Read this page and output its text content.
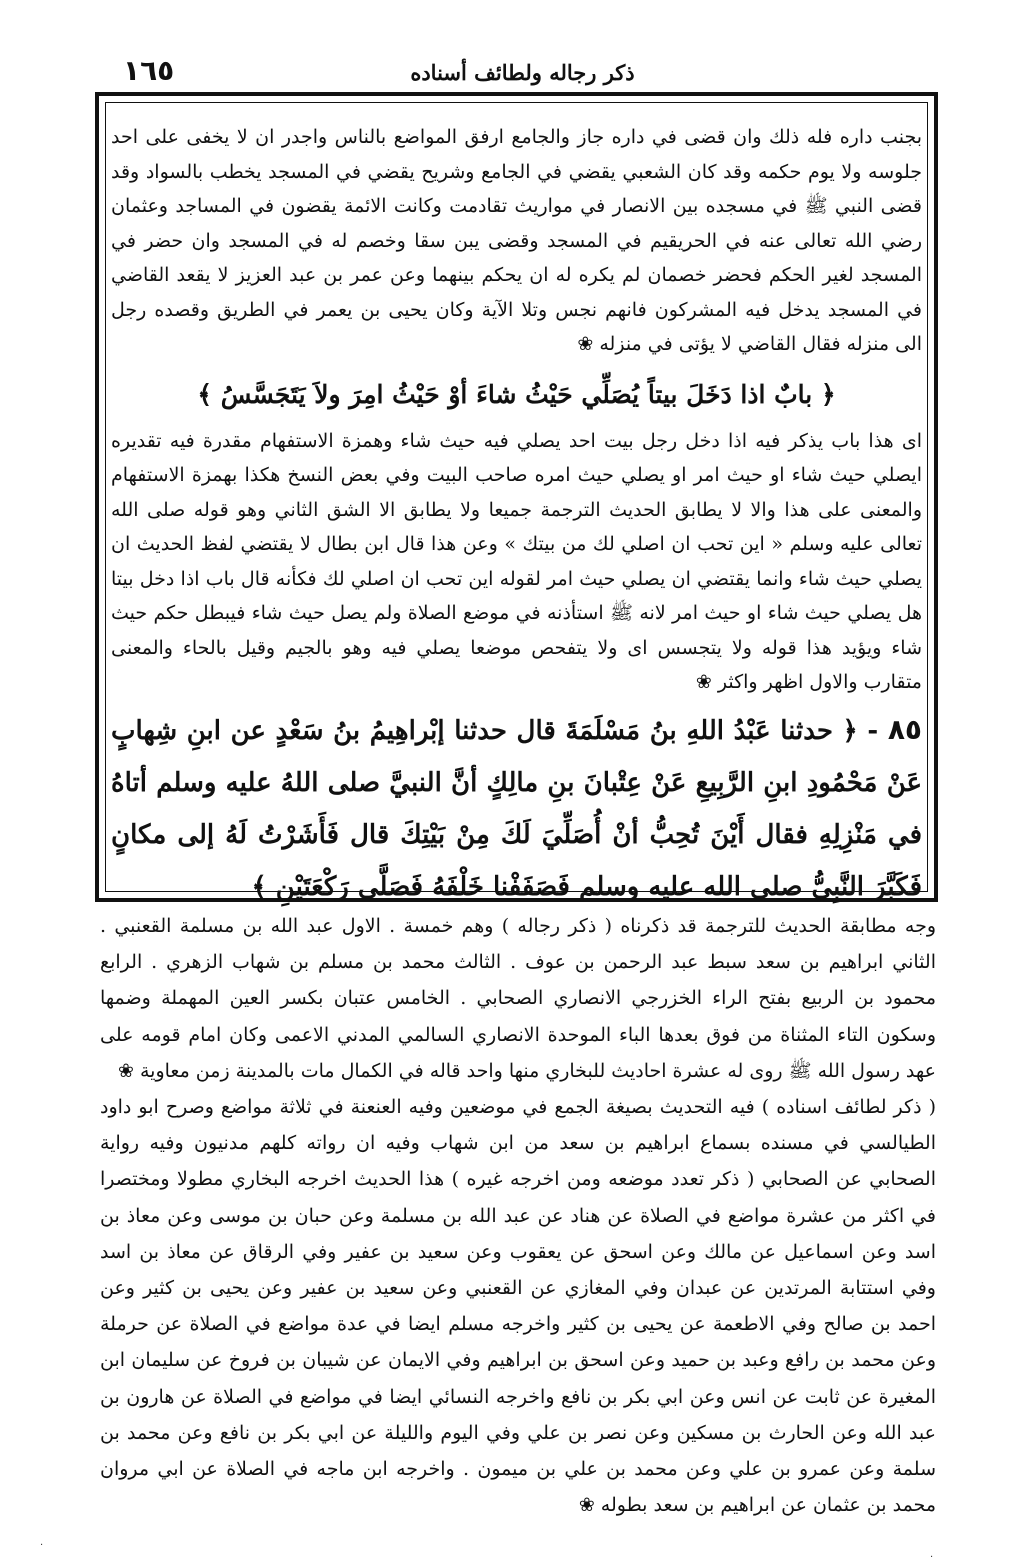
١٦٥	ذكر رجاله ولطائف أسناده

بجنب داره فله ذلك وان قضى في داره جاز والجامع ارفق المواضع بالناس واجدر ان لا يخفى على احد جلوسه ولا يوم حكمه وقد كان الشعبي يقضي في الجامع وشريح يقضي في المسجد يخطب بالسواد وقد قضى النبي ﷺ في مسجده بين الانصار في مواريث تقادمت وكانت الائمة يقضون في المساجد وعثمان رضي الله تعالى عنه في الحريقيم في المسجد وقضى يبن سقا وخصم له في المسجد وان حضر في المسجد لغير الحكم فحضر خصمان لم يكره له ان يحكم بينهما وعن عمر بن عبد العزيز لا يقعد القاضي في المسجد يدخل فيه المشركون فانهم نجس وتلا الآية وكان يحيى بن يعمر في الطريق وقصده رجل الى منزله فقال القاضي لا يؤتى في منزله ❀

﴿ بابٌ اذا دَخَلَ بيتاً يُصَلِّي حَيْثُ شاءَ أوْ حَيْثُ امِرَ ولاَ يَتَجَسَّسُ ﴾

اى هذا باب يذكر فيه اذا دخل رجل بيت احد يصلي فيه حيث شاء وهمزة الاستفهام مقدرة فيه تقديره ايصلي حيث شاء او حيث امر او يصلي حيث امره صاحب البيت وفي بعض النسخ هكذا بهمزة الاستفهام والمعنى على هذا والا لا يطابق الحديث الترجمة جميعا ولا يطابق الا الشق الثاني وهو قوله صلى الله تعالى عليه وسلم « اين تحب ان اصلي لك من بيتك » وعن هذا قال ابن بطال لا يقتضي لفظ الحديث ان يصلي حيث شاء وانما يقتضي ان يصلي حيث امر لقوله اين تحب ان اصلي لك فكأنه قال باب اذا دخل بيتا هل يصلي حيث شاء او حيث امر لانه ﷺ استأذنه في موضع الصلاة ولم يصل حيث شاء فيبطل حكم حيث شاء ويؤيد هذا قوله ولا يتجسس اى ولا يتفحص موضعا يصلي فيه وهو بالجيم وقيل بالحاء والمعنى متقارب والاول اظهر واكثر ❀

٨٥ - ﴿ حدثنا عَبْدُ اللهِ بنُ مَسْلَمَةَ قال حدثنا إبْراهِيمُ بنُ سَعْدٍ عن ابنِ شِهابٍ عَنْ مَحْمُودِ ابنِ الرَّبِيعِ عَنْ عِتْبانَ بنِ مالِكٍ أنَّ النبيَّ صلى اللهُ عليه وسلم أتاهُ في مَنْزِلِهِ فقال أَيْنَ تُحِبُّ أنْ أُصَلِّيَ لَكَ مِنْ بَيْتِكَ قال فَأَشَرْتُ لَهُ إلى مكانٍ فَكَبَّرَ النَّبِيُّ صلى الله عليه وسلم فَصَفَفْنا خَلْفَهُ فَصَلَّى رَكْعَتَيْنِ ﴾

وجه مطابقة الحديث للترجمة قد ذكرناه ( ذكر رجاله ) وهم خمسة . الاول عبد الله بن مسلمة القعنبي . الثاني ابراهيم بن سعد سبط عبد الرحمن بن عوف . الثالث محمد بن مسلم بن شهاب الزهري . الرابع محمود بن الربيع بفتح الراء الخزرجي الانصاري الصحابي . الخامس عتبان بكسر العين المهملة وضمها وسكون التاء المثناة من فوق بعدها الباء الموحدة الانصاري السالمي المدني الاعمى وكان امام قومه على عهد رسول الله ﷺ روى له عشرة احاديث للبخاري منها واحد قاله في الكمال مات بالمدينة زمن معاوية ❀

( ذكر لطائف اسناده ) فيه التحديث بصيغة الجمع في موضعين وفيه العنعنة في ثلاثة مواضع وصرح ابو داود الطيالسي في مسنده بسماع ابراهيم بن سعد من ابن شهاب وفيه ان رواته كلهم مدنيون وفيه رواية الصحابي عن الصحابي ( ذكر تعدد موضعه ومن اخرجه غيره ) هذا الحديث اخرجه البخاري مطولا ومختصرا في اكثر من عشرة مواضع في الصلاة عن هناد عن عبد الله بن مسلمة وعن حبان بن موسى وعن معاذ بن اسد وعن اسماعيل عن مالك وعن اسحق عن يعقوب وعن سعيد بن عفير وفي الرقاق عن معاذ بن اسد وفي استتابة المرتدين عن عبدان وفي المغازي عن القعنبي وعن سعيد بن عفير وعن يحيى بن كثير وعن احمد بن صالح وفي الاطعمة عن يحيى بن كثير واخرجه مسلم ايضا في عدة مواضع في الصلاة عن حرملة وعن محمد بن رافع وعبد بن حميد وعن اسحق بن ابراهيم وفي الايمان عن شيبان بن فروخ عن سليمان ابن المغيرة عن ثابت عن انس وعن ابي بكر بن نافع واخرجه النسائي ايضا في مواضع في الصلاة عن هارون بن عبد الله وعن الحارث بن مسكين وعن نصر بن علي وفي اليوم والليلة عن ابي بكر بن نافع وعن محمد بن سلمة وعن عمرو بن علي وعن محمد بن علي بن ميمون . واخرجه ابن ماجه في الصلاة عن ابي مروان محمد بن عثمان عن ابراهيم بن سعد بطوله ❀

·
·
